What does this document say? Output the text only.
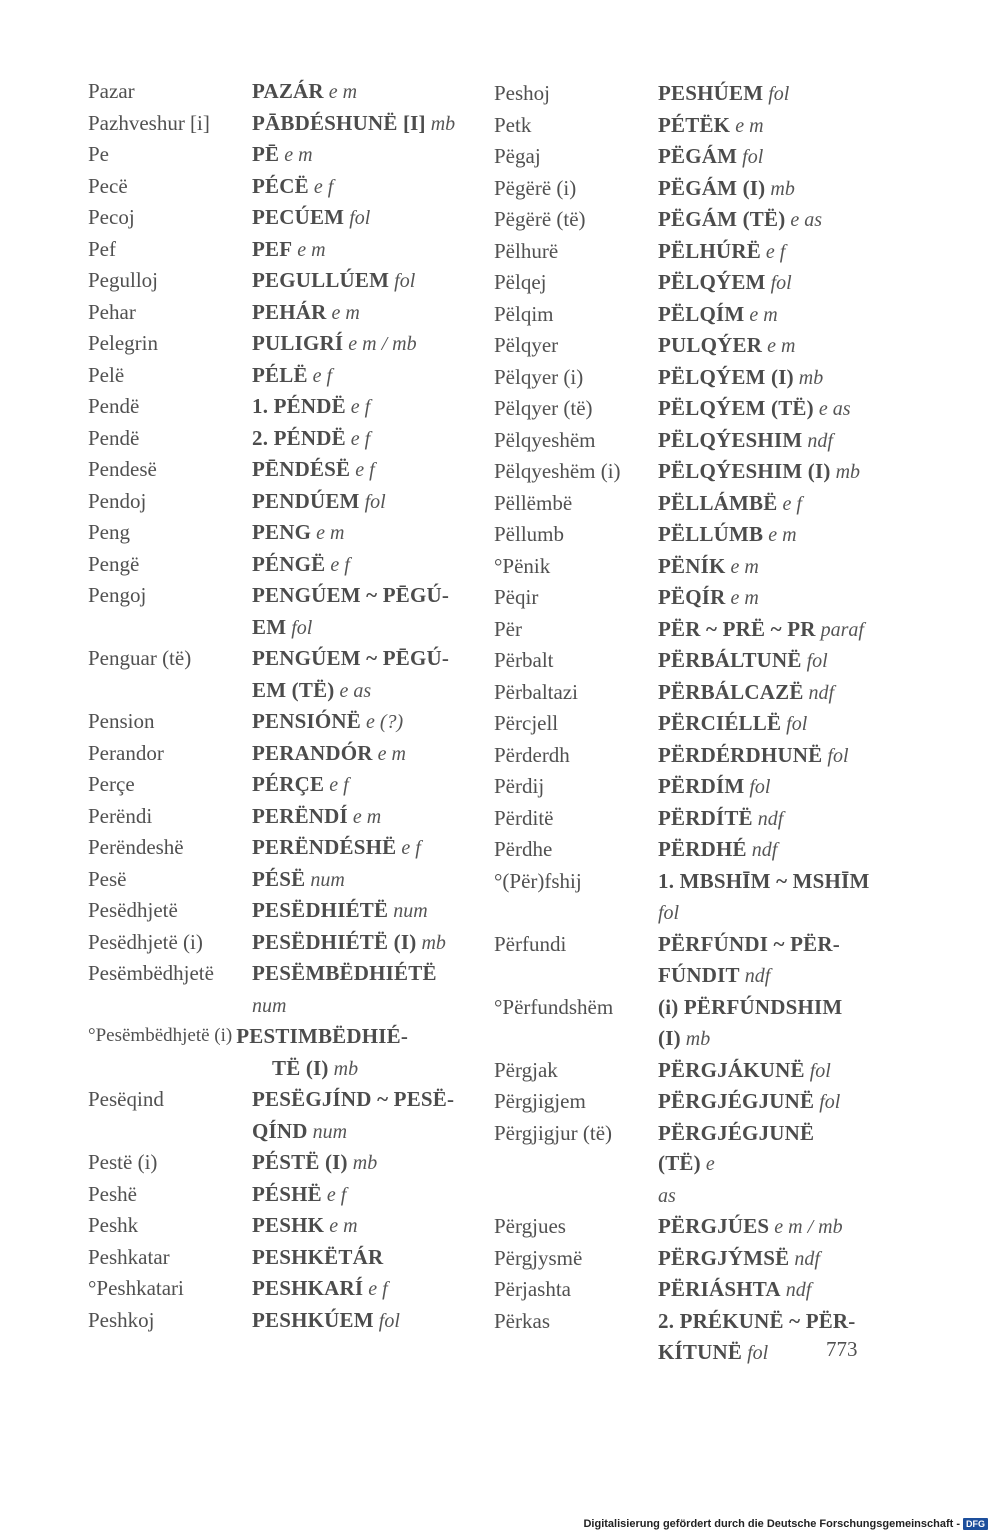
Pazar	PAZÁR e m
Pazhveshur [i]	PĀBDÉSHUNË [I] mb
Pe	PĒ e m
Pecë	PÉCË e f
Pecoj	PECÚEM fol
Pef	PEF e m
Pegulloj	PEGULLÚEM fol
Pehar	PEHÁR e m
Pelegrin	PULIGRÍ e m / mb
Pelë	PÉLË e f
Pendë	1. PÉNDË e f
Pendë	2. PÉNDË e f
Pendesë	PĒNDÉSË e f
Pendoj	PENDÚEM fol
Peng	PENG e m
Pengë	PÉNGË e f
Pengoj	PENGÚEM ~ PĒGÚ-
EM fol
Penguar (të)	PENGÚEM ~ PĒGÚ-
EM (TË) e as
Pension	PENSIÓNË e (?)
Perandor	PERANDÓR e m
Perçe	PÉRÇE e f
Perëndi	PERËNDÍ e m
Perëndeshë	PERËNDÉSHË e f
Pesë	PÉSË num
Pesëdhjetë	PESËDHIÉTË num
Pesëdhjetë (i)	PESËDHIÉTË (I) mb
Pesëmbëdhjetë	PESËMBËDHIÉTË
num
°Pesëmbëdhjetë (i) PESTIMBËDHIÉ-
TË (I) mb
Pesëqind	PESËGJÍND ~ PESË-
QÍND num
Pestë (i)	PÉSTË (I) mb
Peshë	PÉSHË e f
Peshk	PESHK e m
Peshkatar	PESHKËTÁR
°Peshkatari	PESHKARÍ e f
Peshkoj	PESHKÚEM fol
Peshoj	PESHÚEM fol
Petk	PÉTËK e m
Pëgaj	PËGÁM fol
Pëgërë (i)	PËGÁM (I) mb
Pëgërë (të)	PËGÁM (TË) e as
Pëlhurë	PËLHÚRË e f
Pëlqej	PËLQÝEM fol
Pëlqim	PËLQÍM e m
Pëlqyer	PULQÝER e m
Pëlqyer (i)	PËLQÝEM (I) mb
Pëlqyer (të)	PËLQÝEM (TË) e as
Pëlqyeshëm	PËLQÝESHIM ndf
Pëlqyeshëm (i)	PËLQÝESHIM (I) mb
Pëllëmbë	PËLLÁMBË e f
Pëllumb	PËLLÚMB e m
°Pënik	PËNÍK e m
Pëqir	PËQÍR e m
Për	PËR ~ PRË ~ PR paraf
Përbalt	PËRBÁLTUNË fol
Përbaltazi	PËRBÁLCAZË ndf
Përcjell	PËRCIÉLLË fol
Përderdh	PËRDÉRDHUNË fol
Përdij	PËRDÍM fol
Përditë	PËRDÍTË ndf
Përdhe	PËRDHÉ ndf
°(Për)fshij	1. MBSHĪM ~ MSHĪM
fol
Përfundi	PËRFÚNDI ~ PËR-
FÚNDIT ndf
°Përfundshëm	(i) PËRFÚNDSHIM
(I) mb
Përgjak	PËRGJÁKUNË fol
Përgjigjem	PËRGJÉGJUNË fol
Përgjigjur (të)	PËRGJÉGJUNË (TË) e
as
Përgjues	PËRGJÚES e m / mb
Përgjysmë	PËRGJÝMSË ndf
Përjashta	PËRIÁSHTA ndf
Përkas	2. PRÉKUNË ~ PËR-
KÍTUNË fol	773
Digitalisierung gefördert durch die Deutsche Forschungsgemeinschaft - DFG
